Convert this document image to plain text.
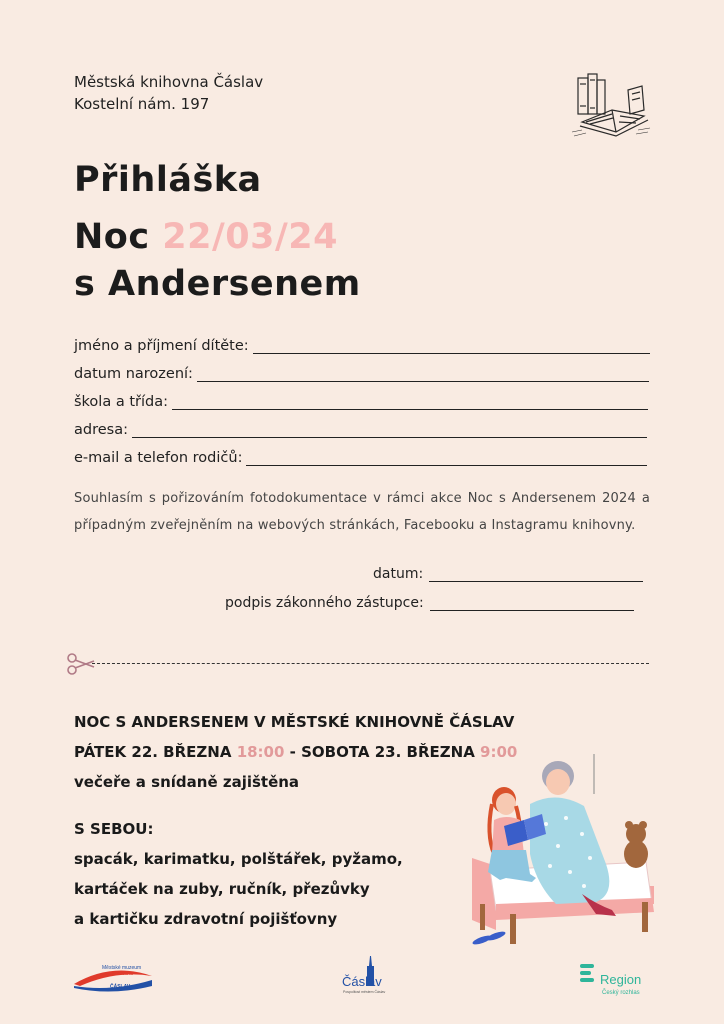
Městská knihovna Čáslav
Kostelní nám. 197
Přihláška
Noc 22/03/24
s Andersenem
jméno a příjmení dítěte:
datum narození:
škola a třída:
adresa:
e-mail a telefon rodičů:
Souhlasím s pořizováním fotodokumentace v rámci akce Noc s Andersenem 2024 a případným zveřejněním na webových stránkách, Facebooku a Instagramu knihovny.
datum:
podpis zákonného zástupce:
NOC S ANDERSENEM V MĚSTSKÉ KNIHOVNĚ ČÁSLAV
PÁTEK 22. BŘEZNA 18:00 - SOBOTA 23. BŘEZNA 9:00
večeře a snídaně zajištěna
S SEBOU:
spacák, karimatku, polštářek, pyžamo,
kartáček na zuby, ručník, přezůvky
a kartičku zdravotní pojišťovny
Městské muzeum
Knihovna
ČÁSLAV	Čáslav
Pospolitost městem Čáslav
Region
Český rozhlas
